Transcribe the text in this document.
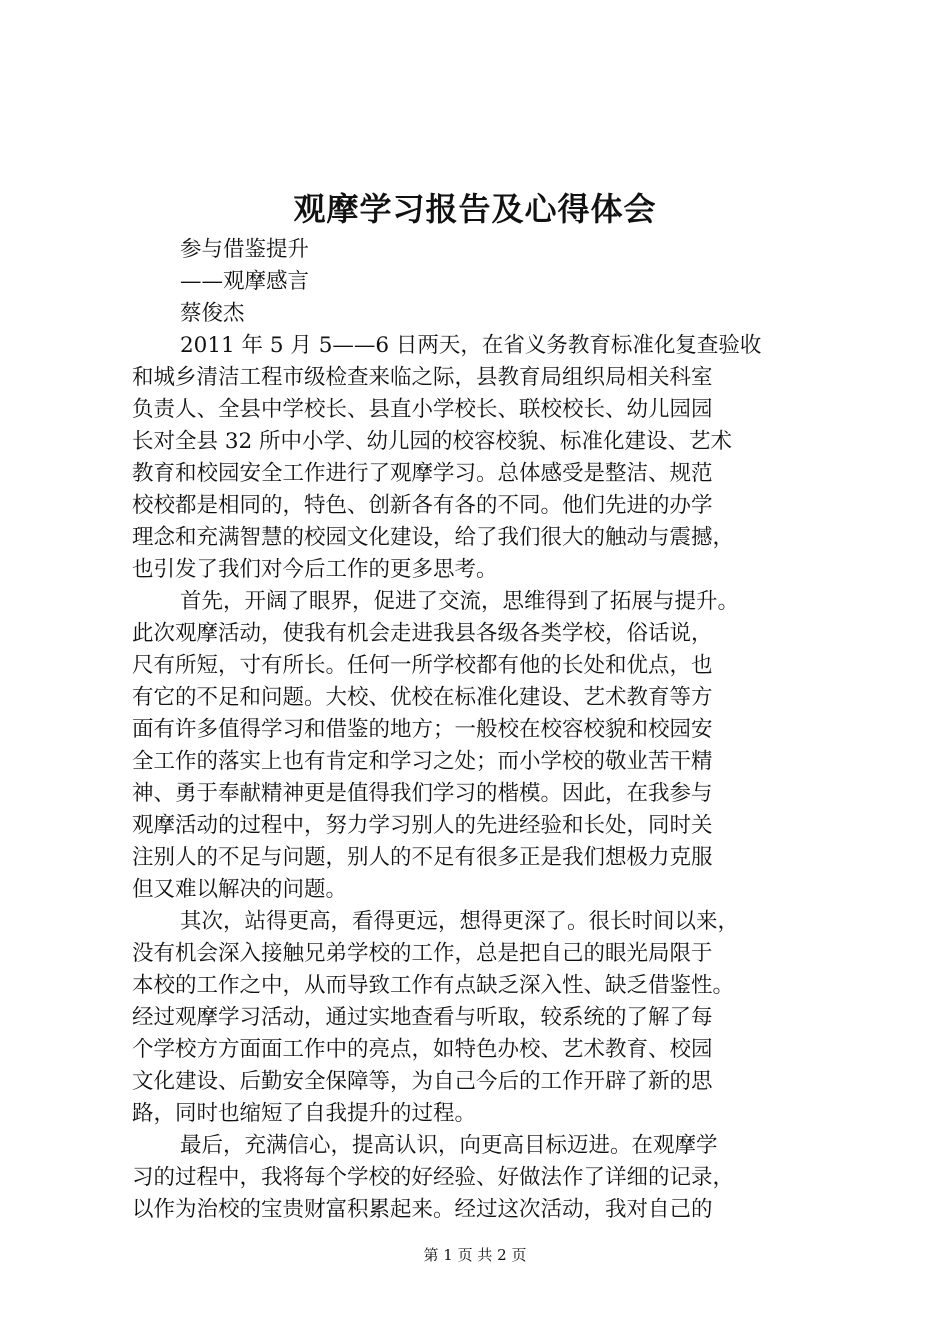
观摩学习报告及心得体会
参与借鉴提升
——观摩感言
蔡俊杰
2011 年 5 月 5——6 日两天，在省义务教育标准化复查验收
和城乡清洁工程市级检查来临之际，县教育局组织局相关科室
负责人、全县中学校长、县直小学校长、联校校长、幼儿园园
长对全县 32 所中小学、幼儿园的校容校貌、标准化建设、艺术
教育和校园安全工作进行了观摩学习。总体感受是整洁、规范
校校都是相同的，特色、创新各有各的不同。他们先进的办学
理念和充满智慧的校园文化建设，给了我们很大的触动与震撼，
也引发了我们对今后工作的更多思考。
首先，开阔了眼界，促进了交流，思维得到了拓展与提升。
此次观摩活动，使我有机会走进我县各级各类学校，俗话说，
尺有所短，寸有所长。任何一所学校都有他的长处和优点，也
有它的不足和问题。大校、优校在标准化建设、艺术教育等方
面有许多值得学习和借鉴的地方；一般校在校容校貌和校园安
全工作的落实上也有肯定和学习之处；而小学校的敬业苦干精
神、勇于奉献精神更是值得我们学习的楷模。因此，在我参与
观摩活动的过程中，努力学习别人的先进经验和长处，同时关
注别人的不足与问题，别人的不足有很多正是我们想极力克服
但又难以解决的问题。
其次，站得更高，看得更远，想得更深了。很长时间以来，
没有机会深入接触兄弟学校的工作，总是把自己的眼光局限于
本校的工作之中，从而导致工作有点缺乏深入性、缺乏借鉴性。
经过观摩学习活动，通过实地查看与听取，较系统的了解了每
个学校方方面面工作中的亮点，如特色办校、艺术教育、校园
文化建设、后勤安全保障等，为自己今后的工作开辟了新的思
路，同时也缩短了自我提升的过程。
最后，充满信心，提高认识，向更高目标迈进。在观摩学
习的过程中，我将每个学校的好经验、好做法作了详细的记录，
以作为治校的宝贵财富积累起来。经过这次活动，我对自己的
第 1 页 共 2 页
